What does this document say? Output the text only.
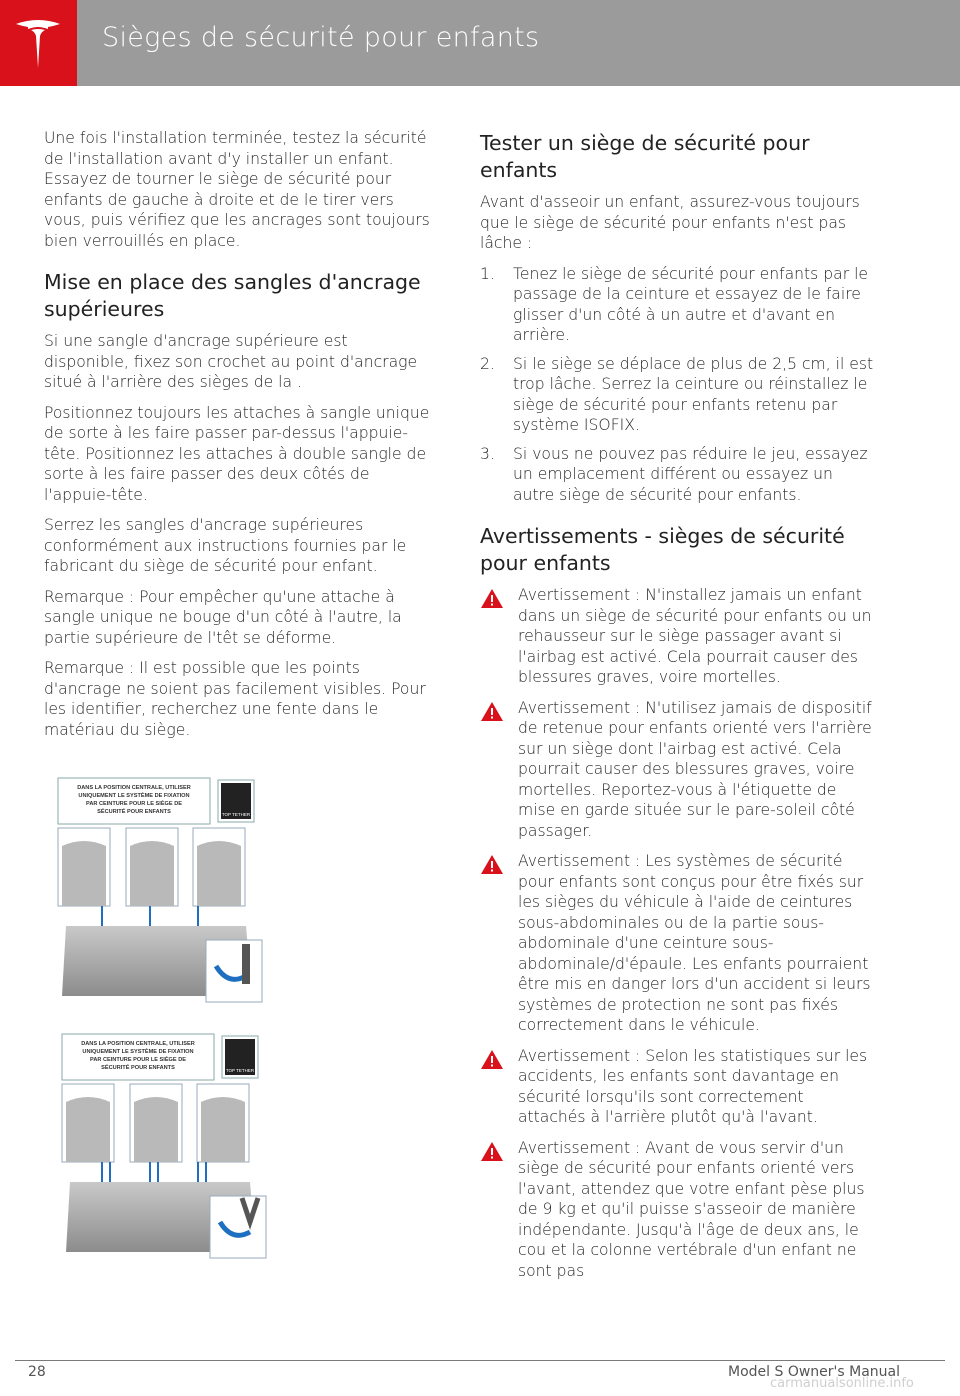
Sièges de sécurité pour enfants

Une fois l'installation terminée, testez la sécurité de l'installation avant d'y installer un enfant. Essayez de tourner le siège de sécurité pour enfants de gauche à droite et de le tirer vers vous, puis vérifiez que les ancrages sont toujours bien verrouillés en place.

Mise en place des sangles d'ancrage supérieures

Si une sangle d'ancrage supérieure est disponible, fixez son crochet au point d'ancrage situé à l'arrière des sièges de la .

Positionnez toujours les attaches à sangle unique de sorte à les faire passer par-dessus l'appuie-tête. Positionnez les attaches à double sangle de sorte à les faire passer des deux côtés de l'appuie-tête.

Serrez les sangles d'ancrage supérieures conformément aux instructions fournies par le fabricant du siège de sécurité pour enfant.

Remarque : Pour empêcher qu'une attache à sangle unique ne bouge d'un côté à l'autre, la partie supérieure de l'têt se déforme.

Remarque : Il est possible que les points d'ancrage ne soient pas facilement visibles. Pour les identifier, recherchez une fente dans le matériau du siège.

DANS LA POSITION CENTRALE, UTILISER
UNIQUEMENT LE SYSTÈME DE FIXATION
PAR CEINTURE POUR LE SIÈGE DE
SÉCURITÉ POUR ENFANTS	TOP TETHER
DANS LA POSITION CENTRALE, UTILISER
UNIQUEMENT LE SYSTÈME DE FIXATION
PAR CEINTURE POUR LE SIÈGE DE
SÉCURITÉ POUR ENFANTS	TOP TETHER
Tester un siège de sécurité pour enfants

Avant d'asseoir un enfant, assurez-vous toujours que le siège de sécurité pour enfants n'est pas lâche :

1. Tenez le siège de sécurité pour enfants par le passage de la ceinture et essayez de le faire glisser d'un côté à un autre et d'avant en arrière.
2. Si le siège se déplace de plus de 2,5 cm, il est trop lâche. Serrez la ceinture ou réinstallez le siège de sécurité pour enfants retenu par système ISOFIX.
3. Si vous ne pouvez pas réduire le jeu, essayez un emplacement différent ou essayez un autre siège de sécurité pour enfants.
Avertissements - sièges de sécurité pour enfants

Avertissement : N'installez jamais un enfant dans un siège de sécurité pour enfants ou un rehausseur sur le siège passager avant si l'airbag est activé. Cela pourrait causer des blessures graves, voire mortelles.

Avertissement : N'utilisez jamais de dispositif de retenue pour enfants orienté vers l'arrière sur un siège dont l'airbag est activé. Cela pourrait causer des blessures graves, voire mortelles. Reportez-vous à l'étiquette de mise en garde située sur le pare-soleil côté passager.

Avertissement : Les systèmes de sécurité pour enfants sont conçus pour être fixés sur les sièges du véhicule à l'aide de ceintures sous-abdominales ou de la partie sous-abdominale d'une ceinture sous-abdominale/d'épaule. Les enfants pourraient être mis en danger lors d'un accident si leurs systèmes de protection ne sont pas fixés correctement dans le véhicule.

Avertissement : Selon les statistiques sur les accidents, les enfants sont davantage en sécurité lorsqu'ils sont correctement attachés à l'arrière plutôt qu'à l'avant.

Avertissement : Avant de vous servir d'un siège de sécurité pour enfants orienté vers l'avant, attendez que votre enfant pèse plus de 9 kg et qu'il puisse s'asseoir de manière indépendante. Jusqu'à l'âge de deux ans, le cou et la colonne vertébrale d'un enfant ne sont pas

28	Model S Owner's Manual
carmanualsonline.info
